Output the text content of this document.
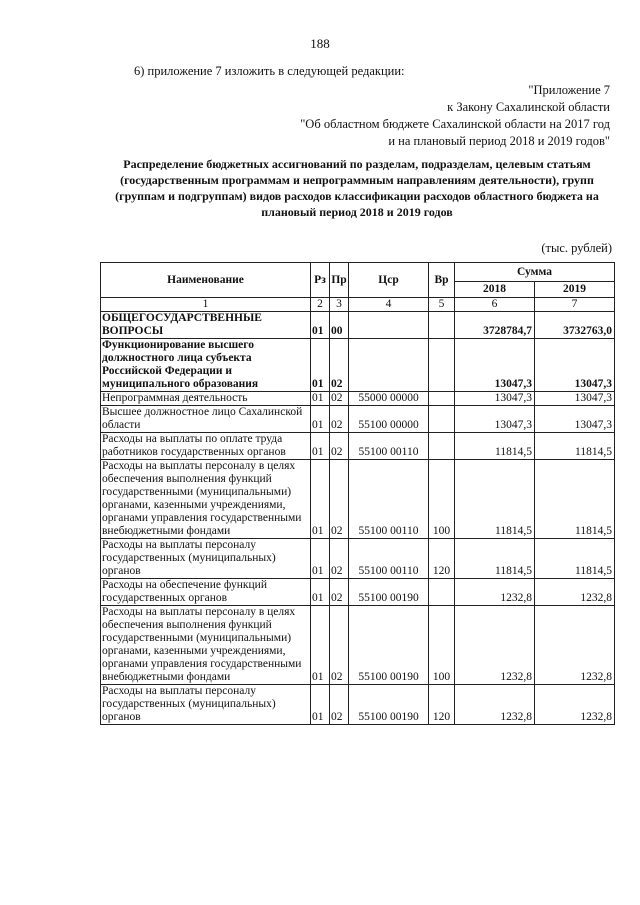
188
6) приложение 7 изложить в следующей редакции:
"Приложение 7
к Закону Сахалинской области
"Об областном бюджете Сахалинской области на 2017 год
и на плановый период 2018 и 2019 годов"
Распределение бюджетных ассигнований по разделам, подразделам, целевым статьям (государственным программам и непрограммным направлениям деятельности), групп (группам и подгруппам) видов расходов классификации расходов областного бюджета на плановый период 2018 и 2019 годов
(тыс. рублей)
Наименование	Рз	Пр	Цср	Вр	Сумма	
					2018	2019
1	2	3	4	5	6	7
ОБЩЕГОСУДАРСТВЕННЫЕ ВОПРОСЫ	01	00			3728784,7	3732763,0
Функционирование высшего должностного лица субъекта Российской Федерации и муниципального образования	01	02			13047,3	13047,3
Непрограммная деятельность	01	02	55000 00000		13047,3	13047,3
Высшее должностное лицо Сахалинской области	01	02	55100 00000		13047,3	13047,3
Расходы на выплаты по оплате труда работников государственных органов	01	02	55100 00110		11814,5	11814,5
Расходы на выплаты персоналу в целях обеспечения выполнения функций государственными (муниципальными) органами, казенными учреждениями, органами управления государственными внебюджетными фондами	01	02	55100 00110	100	11814,5	11814,5
Расходы на выплаты персоналу государственных (муниципальных) органов	01	02	55100 00110	120	11814,5	11814,5
Расходы на обеспечение функций государственных органов	01	02	55100 00190		1232,8	1232,8
Расходы на выплаты персоналу в целях обеспечения выполнения функций государственными (муниципальными) органами, казенными учреждениями, органами управления государственными внебюджетными фондами	01	02	55100 00190	100	1232,8	1232,8
Расходы на выплаты персоналу государственных (муниципальных) органов	01	02	55100 00190	120	1232,8	1232,8
